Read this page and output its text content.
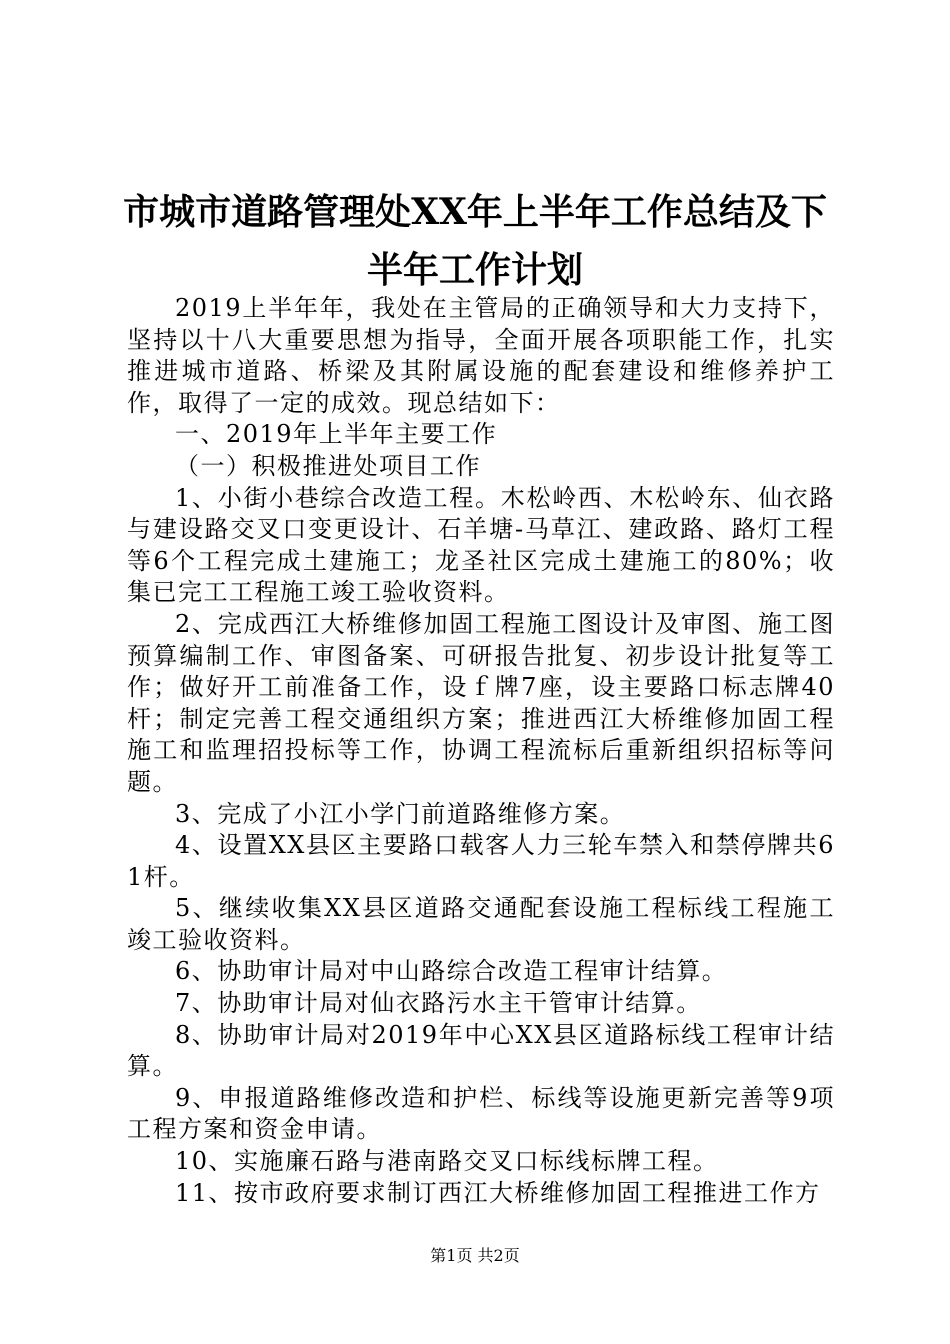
市城市道路管理处XX年上半年工作总结及下
半年工作计划

2019上半年年，我处在主管局的正确领导和大力支持下，坚持以十八大重要思想为指导，全面开展各项职能工作，扎实推进城市道路、桥梁及其附属设施的配套建设和维修养护工作，取得了一定的成效。现总结如下：

一、2019年上半年主要工作

（一）积极推进处项目工作

1、小街小巷综合改造工程。木松岭西、木松岭东、仙衣路与建设路交叉口变更设计、石羊塘-马草江、建政路、路灯工程等6个工程完成土建施工；龙圣社区完成土建施工的80%；收集已完工工程施工竣工验收资料。

2、完成西江大桥维修加固工程施工图设计及审图、施工图预算编制工作、审图备案、可研报告批复、初步设计批复等工作；做好开工前准备工作，设ｆ牌7座，设主要路口标志牌40杆；制定完善工程交通组织方案；推进西江大桥维修加固工程施工和监理招投标等工作，协调工程流标后重新组织招标等问题。

3、完成了小江小学门前道路维修方案。

4、设置XX县区主要路口载客人力三轮车禁入和禁停牌共61杆。

5、继续收集XX县区道路交通配套设施工程标线工程施工竣工验收资料。

6、协助审计局对中山路综合改造工程审计结算。

7、协助审计局对仙衣路污水主干管审计结算。

8、协助审计局对2019年中心XX县区道路标线工程审计结算。

9、申报道路维修改造和护栏、标线等设施更新完善等9项工程方案和资金申请。

10、实施廉石路与港南路交叉口标线标牌工程。

11、按市政府要求制订西江大桥维修加固工程推进工作方

第1页 共2页
